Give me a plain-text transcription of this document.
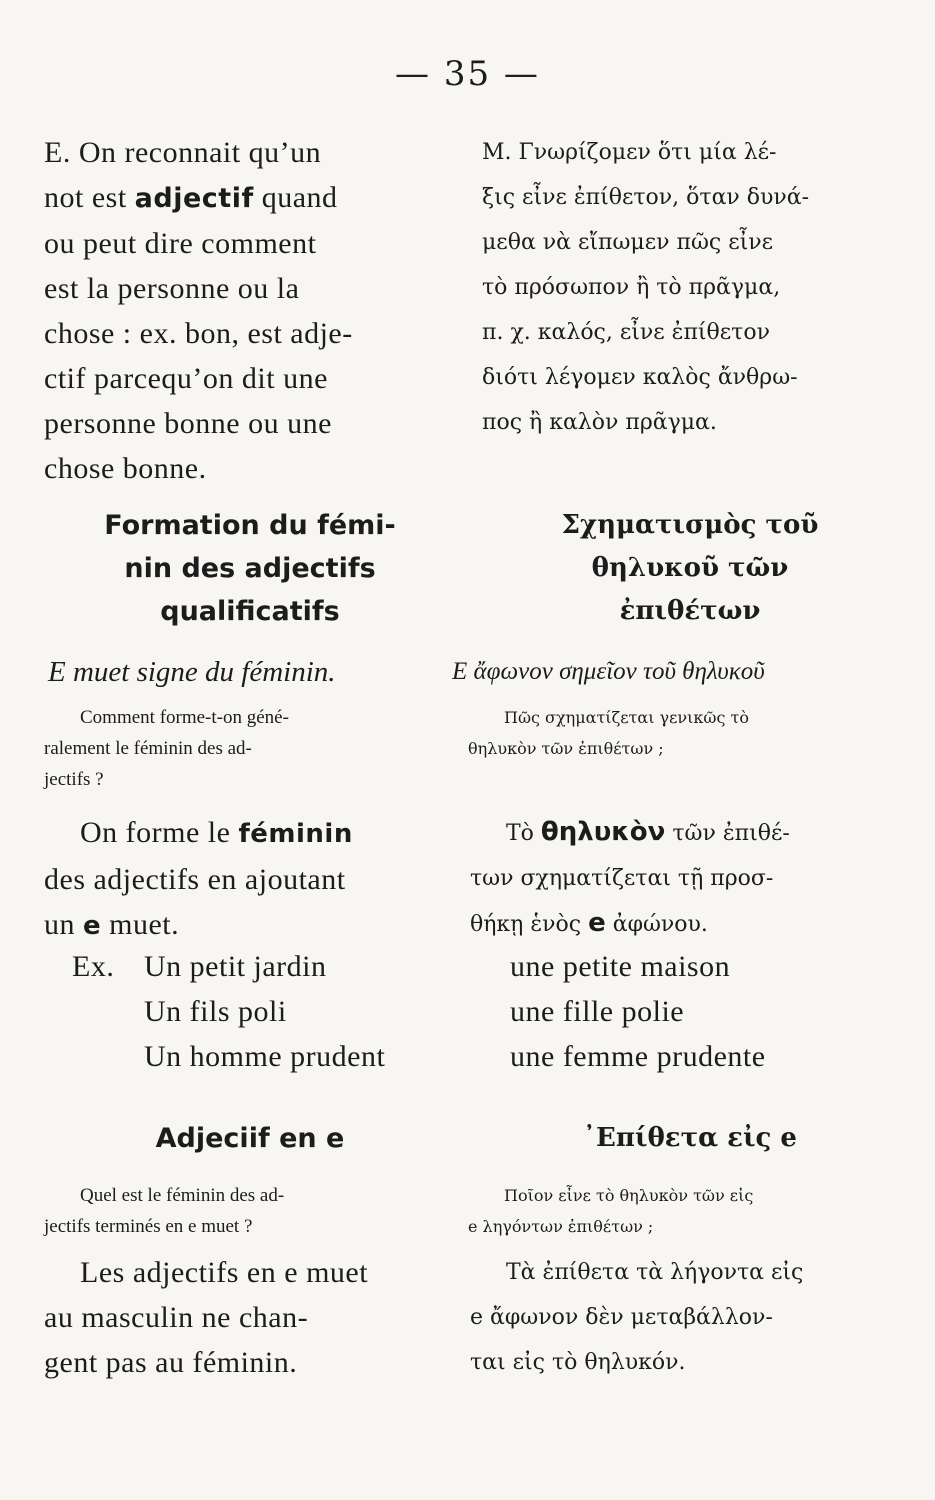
— 35 —
E. On reconnait qu’un
not est adjectif quand
ou peut dire comment
est la personne ou la
chose : ex. bon, est adje-
ctif parcequ’on dit une
personne bonne ou une
chose bonne.
Μ. Γνωρίζομεν ὅτι μία λέ-
ξις εἶνε ἐπίθετον, ὅταν δυνά-
μεθα νὰ εἴπωμεν πῶς εἶνε
τὸ πρόσωπον ἢ τὸ πρᾶγμα,
π. χ. καλός, εἶνε ἐπίθετον
διότι λέγομεν καλὸς ἄνθρω-
πος ἢ καλὸν πρᾶγμα.
Formation du fémi-
nin des adjectifs
qualificatifs
Σχηματισμὸς τοῦ
θηλυκοῦ τῶν
ἐπιθέτων
E muet signe du féminin.	E ἄφωνον σημεῖον τοῦ θηλυκοῦ
Comment forme-t-on géné-
ralement le féminin des ad-
jectifs ?
Πῶς σχηματίζεται γενικῶς τὸ
θηλυκὸν τῶν ἐπιθέτων ;
On forme le féminin
des adjectifs en ajoutant
un e muet.
Τὸ θηλυκὸν τῶν ἐπιθέ-
των σχηματίζεται τῇ προσ-
θήκῃ ἑνὸς e ἀφώνου.
Ex. Un petit jardin
Un fils poli
Un homme prudent
une petite maison
une fille polie
une femme prudente
Adjeciif en e	᾿Επίθετα εἰς e
Quel est le féminin des ad-
jectifs terminés en e muet ?
Ποῖον εἶνε τὸ θηλυκὸν τῶν εἰς
e ληγόντων ἐπιθέτων ;
Les adjectifs en e muet
au masculin ne chan-
gent pas au féminin.
Τὰ ἐπίθετα τὰ λήγοντα εἰς
e ἄφωνον δὲν μεταβάλλον-
ται εἰς τὸ θηλυκόν.
